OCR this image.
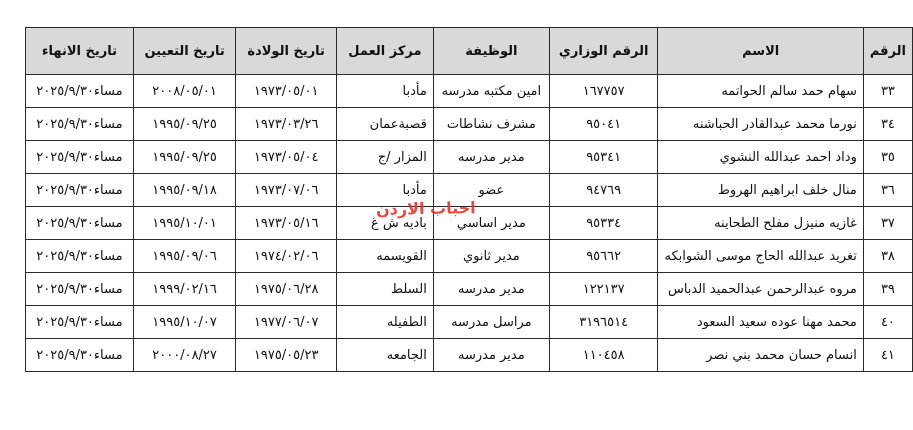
الرقم	الاسم	الرقم الوزاري	الوظيفة	مركز العمل	تاريخ الولادة	تاريخ التعيين	تاريخ الانهاء
٣٣	سهام حمد سالم الحواتمه	١٦٧٧٥٧	امين مكتبه مدرسه	مأدبا	١٩٧٣/٠٥/٠١	٢٠٠٨/٠٥/٠١	مساء٢٠٢٥/٩/٣٠
٣٤	نورما محمد عبدالقادر الحباشنه	٩٥٠٤١	مشرف نشاطات	قصبةعمان	١٩٧٣/٠٣/٢٦	١٩٩٥/٠٩/٢٥	مساء٢٠٢٥/٩/٣٠
٣٥	وداد احمد عبدالله النشوي	٩٥٣٤١	مدير مدرسه	المزار /ج	١٩٧٣/٠٥/٠٤	١٩٩٥/٠٩/٢٥	مساء٢٠٢٥/٩/٣٠
٣٦	منال خلف ابراهيم الهروط	٩٤٧٦٩	عضو	مأدبا	١٩٧٣/٠٧/٠٦	١٩٩٥/٠٩/١٨	مساء٢٠٢٥/٩/٣٠
٣٧	غازيه منيزل مفلح الطحاينه	٩٥٣٣٤	مدير اساسي	باديه ش غ	١٩٧٣/٠٥/١٦	١٩٩٥/١٠/٠١	مساء٢٠٢٥/٩/٣٠
٣٨	تغريد عبدالله الحاج موسى الشوابكه	٩٥٦٦٢	مدير ثانوي	القويسمه	١٩٧٤/٠٢/٠٦	١٩٩٥/٠٩/٠٦	مساء٢٠٢٥/٩/٣٠
٣٩	مروه عبدالرحمن عبدالحميد الدباس	١٢٢١٣٧	مدير مدرسه	السلط	١٩٧٥/٠٦/٢٨	١٩٩٩/٠٢/١٦	مساء٢٠٢٥/٩/٣٠
٤٠	محمد مهنا عوده سعيد السعود	٣١٩٦٥١٤	مراسل مدرسه	الطفيله	١٩٧٧/٠٦/٠٧	١٩٩٥/١٠/٠٧	مساء٢٠٢٥/٩/٣٠
٤١	انسام حسان محمد بني نصر	١١٠٤٥٨	مدير مدرسه	الجامعه	١٩٧٥/٠٥/٢٣	٢٠٠٠/٠٨/٢٧	مساء٢٠٢٥/٩/٣٠
احباب الاردن
